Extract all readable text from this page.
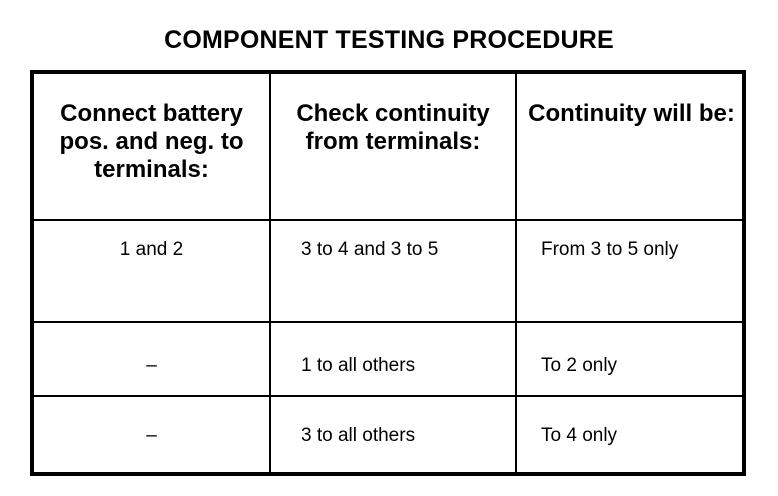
COMPONENT TESTING PROCEDURE
Connect battery pos. and neg. to terminals:	Check continuity from terminals:	Continuity will be:
1 and 2	3 to 4 and 3 to 5	From 3 to 5 only
–	1 to all others	To 2 only
–	3 to all others	To 4 only
